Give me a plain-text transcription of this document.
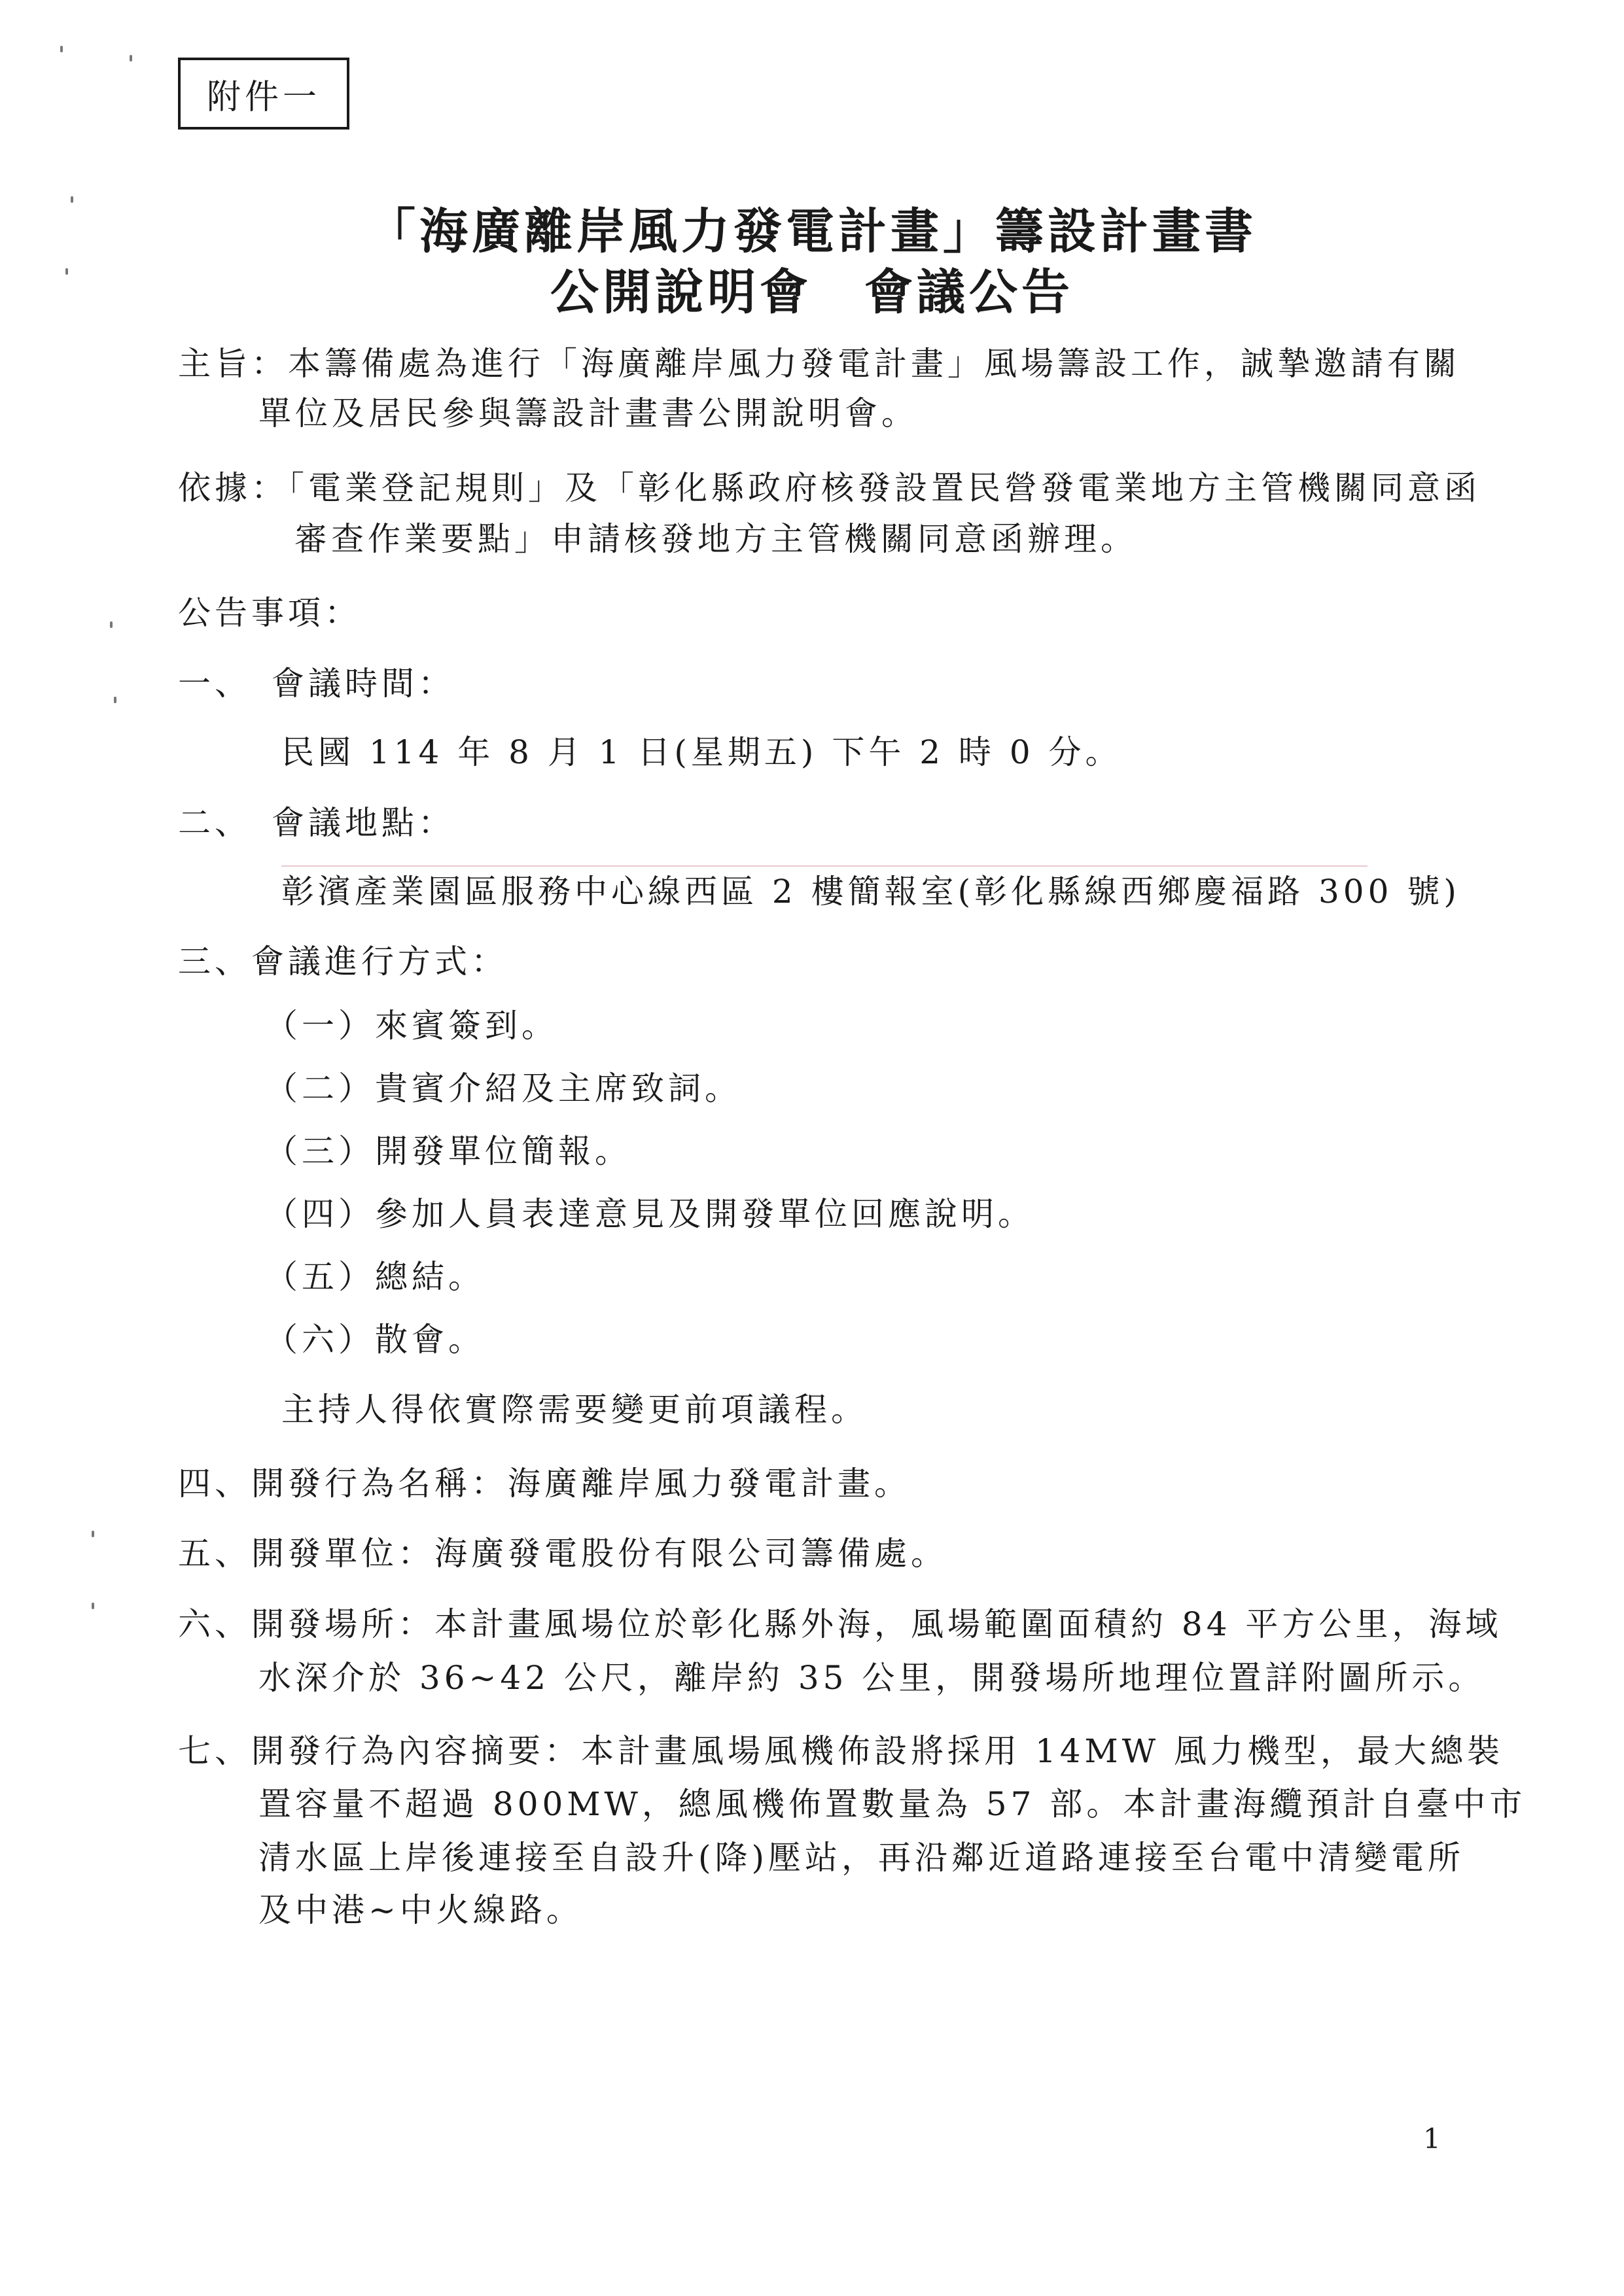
附件一
「海廣離岸風力發電計畫」籌設計畫書
公開說明會　會議公告
主旨：本籌備處為進行「海廣離岸風力發電計畫」風場籌設工作，誠摯邀請有關
單位及居民參與籌設計畫書公開說明會。
依據：「電業登記規則」及「彰化縣政府核發設置民營發電業地方主管機關同意函
審查作業要點」申請核發地方主管機關同意函辦理。
公告事項：
一、　會議時間：
民國 114 年 8 月 1 日(星期五) 下午 2 時 0 分。
二、　會議地點：
彰濱產業園區服務中心線西區 2 樓簡報室(彰化縣線西鄉慶福路 300 號)
三、會議進行方式：
（一）來賓簽到。
（二）貴賓介紹及主席致詞。
（三）開發單位簡報。
（四）參加人員表達意見及開發單位回應說明。
（五）總結。
（六）散會。
主持人得依實際需要變更前項議程。
四、開發行為名稱：海廣離岸風力發電計畫。
五、開發單位：海廣發電股份有限公司籌備處。
六、開發場所：本計畫風場位於彰化縣外海，風場範圍面積約 84 平方公里，海域
水深介於 36~42 公尺，離岸約 35 公里，開發場所地理位置詳附圖所示。
七、開發行為內容摘要：本計畫風場風機佈設將採用 14MW 風力機型，最大總裝
置容量不超過 800MW，總風機佈置數量為 57 部。本計畫海纜預計自臺中市
清水區上岸後連接至自設升(降)壓站，再沿鄰近道路連接至台電中清變電所
及中港~中火線路。
1
